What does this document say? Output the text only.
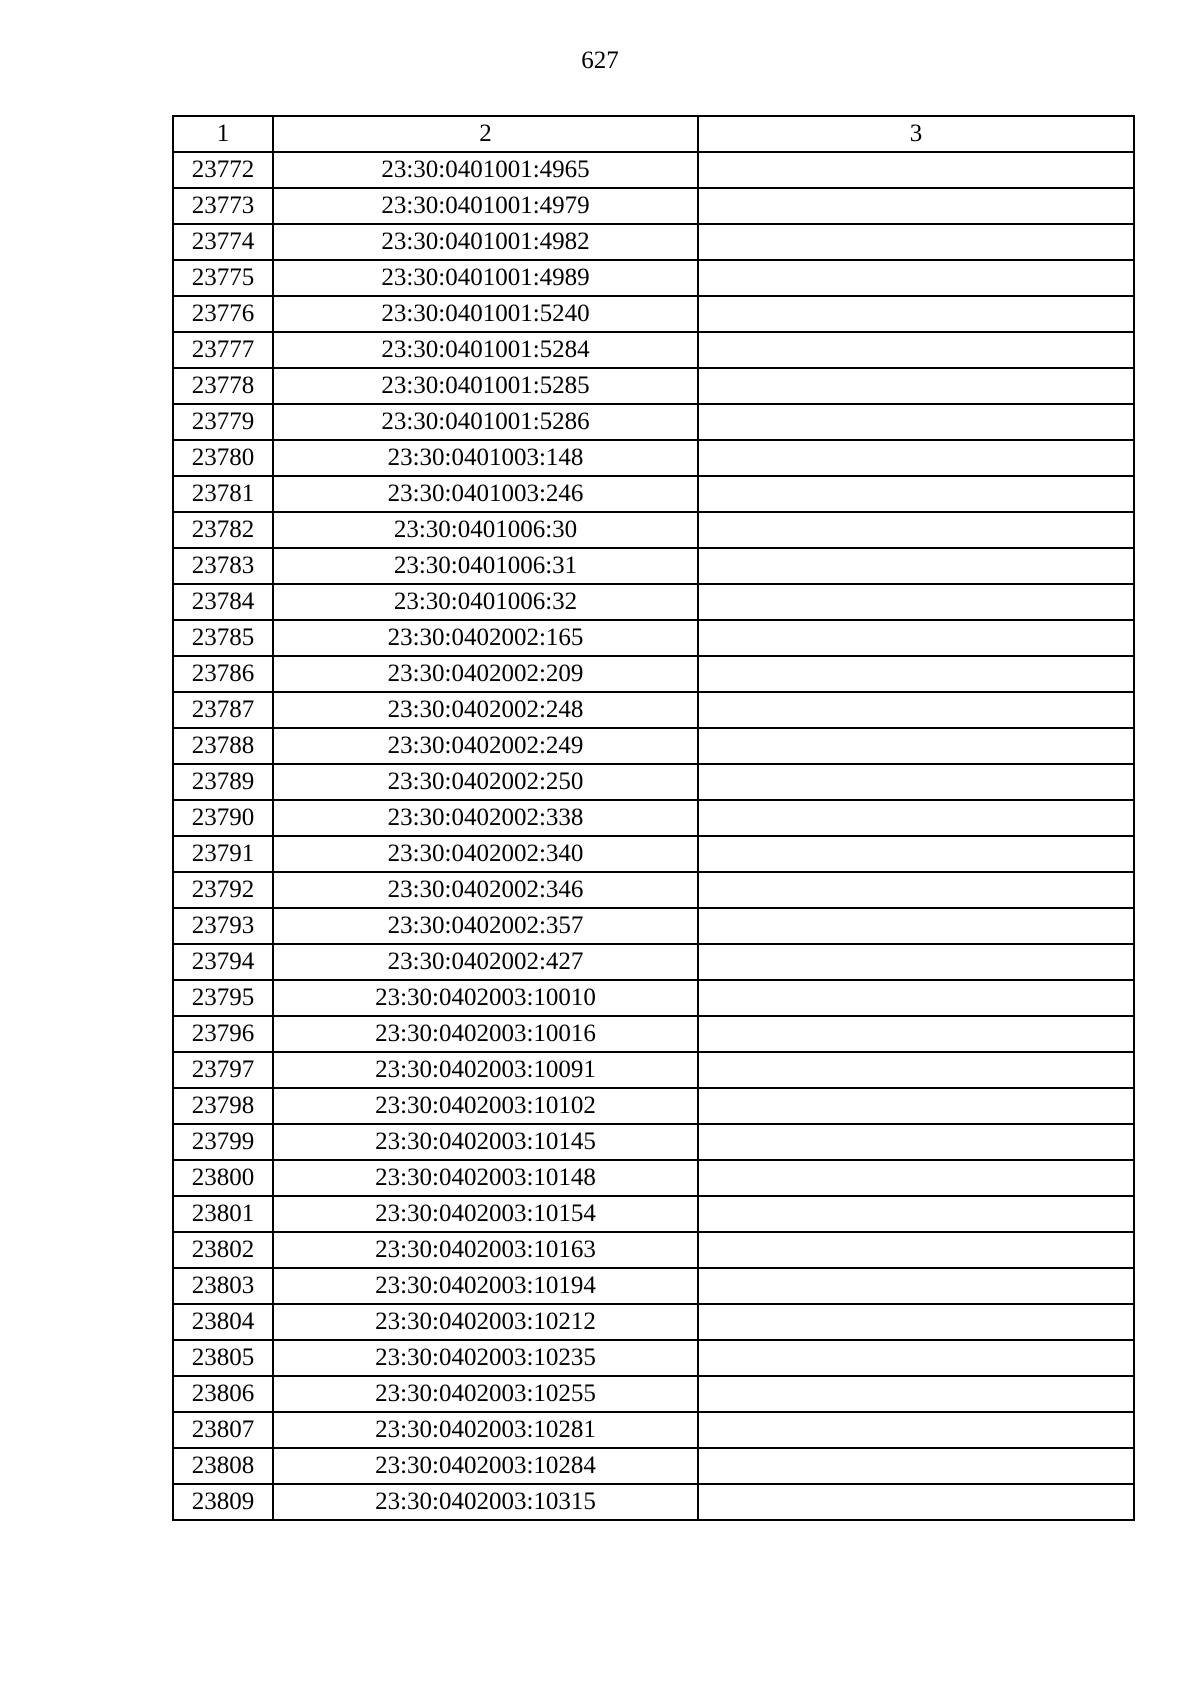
627
1	2	3
23772	23:30:0401001:4965	
23773	23:30:0401001:4979	
23774	23:30:0401001:4982	
23775	23:30:0401001:4989	
23776	23:30:0401001:5240	
23777	23:30:0401001:5284	
23778	23:30:0401001:5285	
23779	23:30:0401001:5286	
23780	23:30:0401003:148	
23781	23:30:0401003:246	
23782	23:30:0401006:30	
23783	23:30:0401006:31	
23784	23:30:0401006:32	
23785	23:30:0402002:165	
23786	23:30:0402002:209	
23787	23:30:0402002:248	
23788	23:30:0402002:249	
23789	23:30:0402002:250	
23790	23:30:0402002:338	
23791	23:30:0402002:340	
23792	23:30:0402002:346	
23793	23:30:0402002:357	
23794	23:30:0402002:427	
23795	23:30:0402003:10010	
23796	23:30:0402003:10016	
23797	23:30:0402003:10091	
23798	23:30:0402003:10102	
23799	23:30:0402003:10145	
23800	23:30:0402003:10148	
23801	23:30:0402003:10154	
23802	23:30:0402003:10163	
23803	23:30:0402003:10194	
23804	23:30:0402003:10212	
23805	23:30:0402003:10235	
23806	23:30:0402003:10255	
23807	23:30:0402003:10281	
23808	23:30:0402003:10284	
23809	23:30:0402003:10315	
